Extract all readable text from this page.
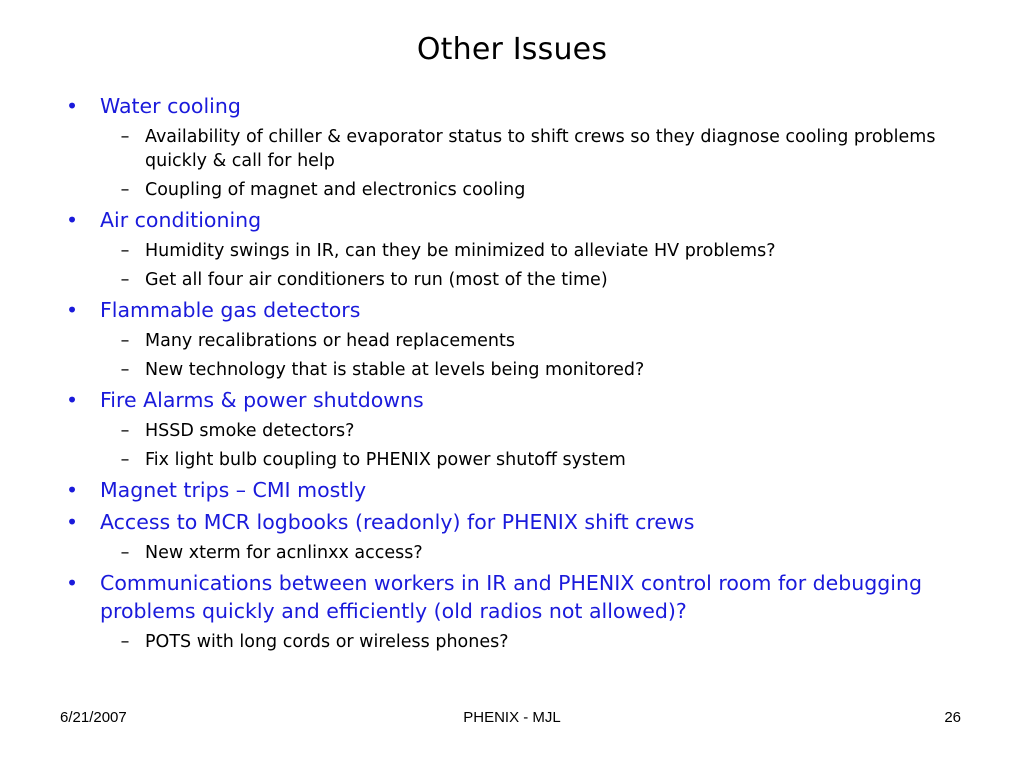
Other Issues
• Water cooling
– Availability of chiller & evaporator status to shift crews so they diagnose cooling problems quickly & call for help
– Coupling of magnet and electronics cooling
• Air conditioning
– Humidity swings in IR, can they be minimized to alleviate HV problems?
– Get all four air conditioners to run (most of the time)
• Flammable gas detectors
– Many recalibrations or head replacements
– New technology that is stable at levels being monitored?
• Fire Alarms & power shutdowns
– HSSD smoke detectors?
– Fix light bulb coupling to PHENIX power shutoff system
• Magnet trips – CMI mostly
• Access to MCR logbooks (readonly) for PHENIX shift crews
– New xterm for acnlinxx access?
• Communications between workers in IR and PHENIX control room for debugging problems quickly and efficiently (old radios not allowed)?
– POTS with long cords or wireless phones?
6/21/2007	PHENIX - MJL	26
